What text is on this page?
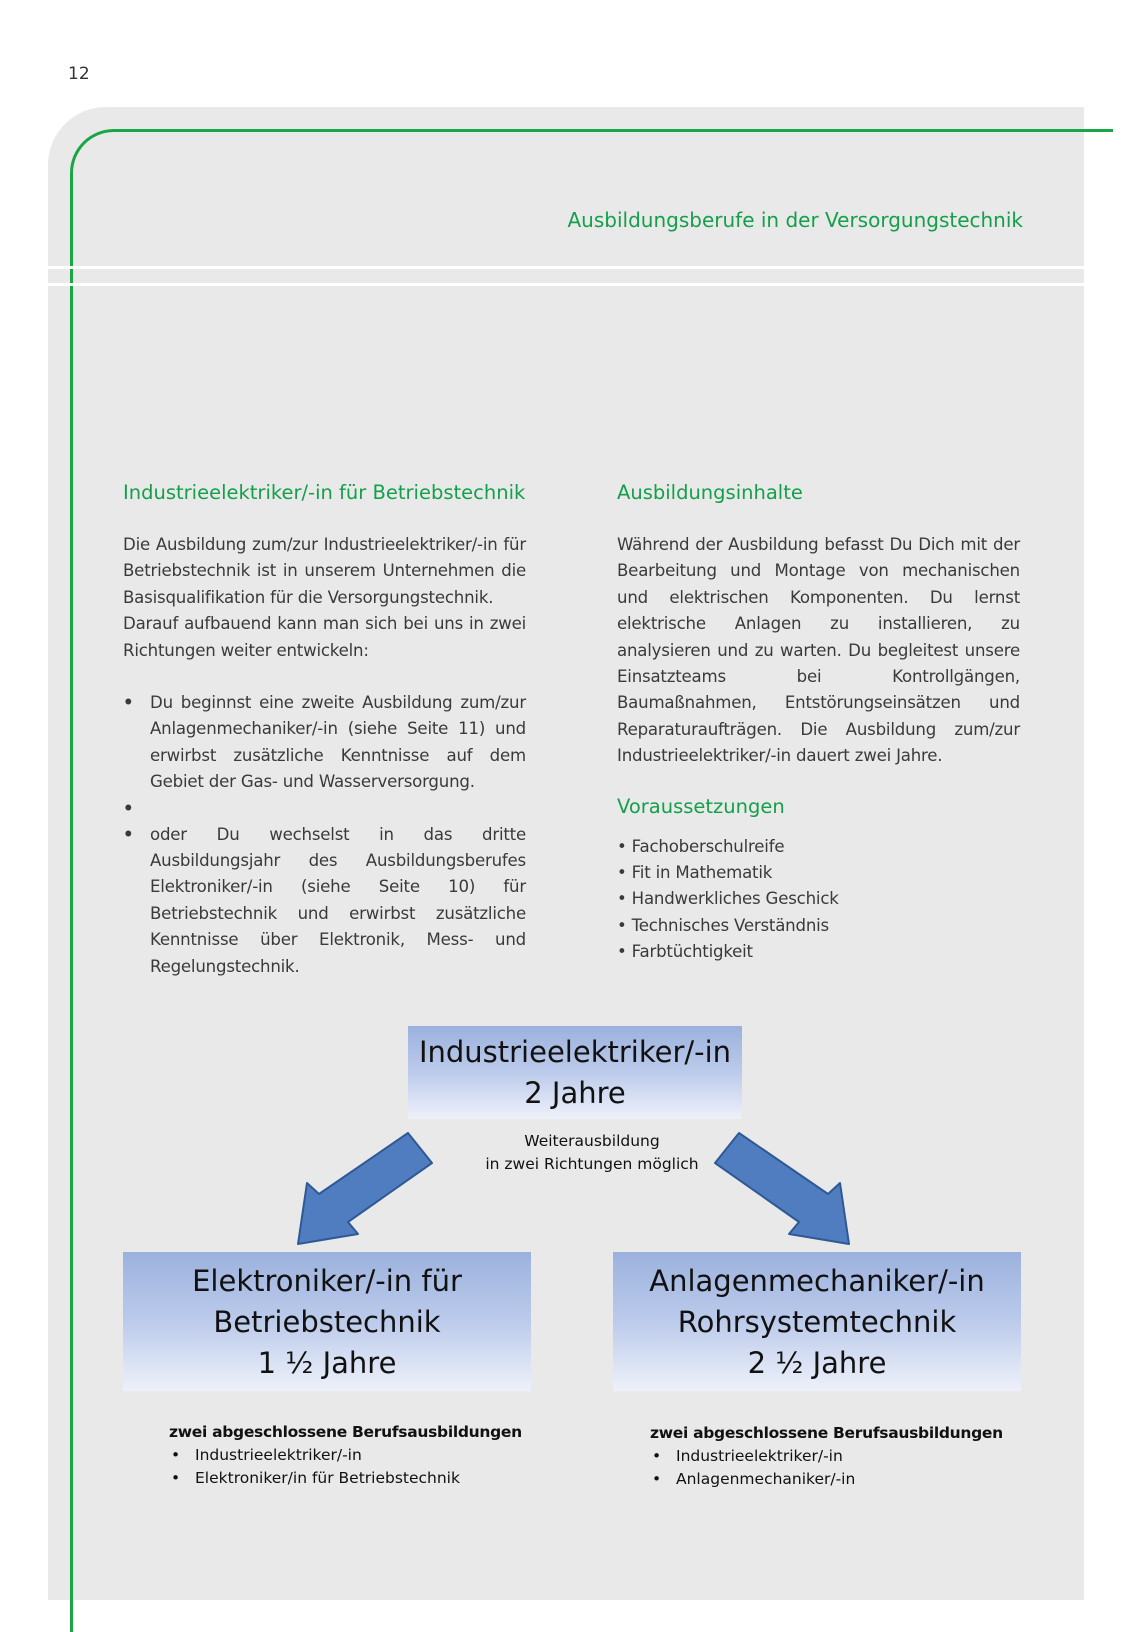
12
Ausbildungsberufe in der Versorgungstechnik
Industrieelektriker/-in für Betriebstechnik

Die Ausbildung zum/zur Industrieelektriker/-in für Betriebstechnik ist in unserem Unternehmen die Basisqualifikation für die Versorgungstechnik.

Darauf aufbauend kann man sich bei uns in zwei Richtungen weiter entwickeln:

• Du beginnst eine zweite Ausbildung zum/zur Anlagenmechaniker/-in (siehe Seite 11) und erwirbst zusätzliche Kenntnisse auf dem Gebiet der Gas- und Wasserversorgung.
•
• oder Du wechselst in das dritte Ausbildungsjahr des Ausbildungsberufes Elektroniker/-in (siehe Seite 10) für Betriebstechnik und erwirbst zusätzliche Kenntnisse über Elektronik, Mess- und Regelungstechnik.
Ausbildungsinhalte

Während der Ausbildung befasst Du Dich mit der Bearbeitung und Montage von mechanischen und elektrischen Komponenten. Du lernst elektrische Anlagen zu installieren, zu analysieren und zu warten. Du begleitest unsere Einsatzteams bei Kontrollgängen, Baumaßnahmen, Entstörungseinsätzen und Reparaturaufträgen. Die Ausbildung zum/zur Industrieelektriker/-in dauert zwei Jahre.

Voraussetzungen
• Fachoberschulreife
• Fit in Mathematik
• Handwerkliches Geschick
• Technisches Verständnis
• Farbtüchtigkeit
Industrieelektriker/-in
2 Jahre
Weiterausbildung
in zwei Richtungen möglich
Elektroniker/-in für
Betriebstechnik
1 ½ Jahre
Anlagenmechaniker/-in
Rohrsystemtechnik
2 ½ Jahre
zwei abgeschlossene Berufsausbildungen
• Industrieelektriker/-in
• Elektroniker/in für Betriebstechnik
zwei abgeschlossene Berufsausbildungen
• Industrieelektriker/-in
• Anlagenmechaniker/-in
